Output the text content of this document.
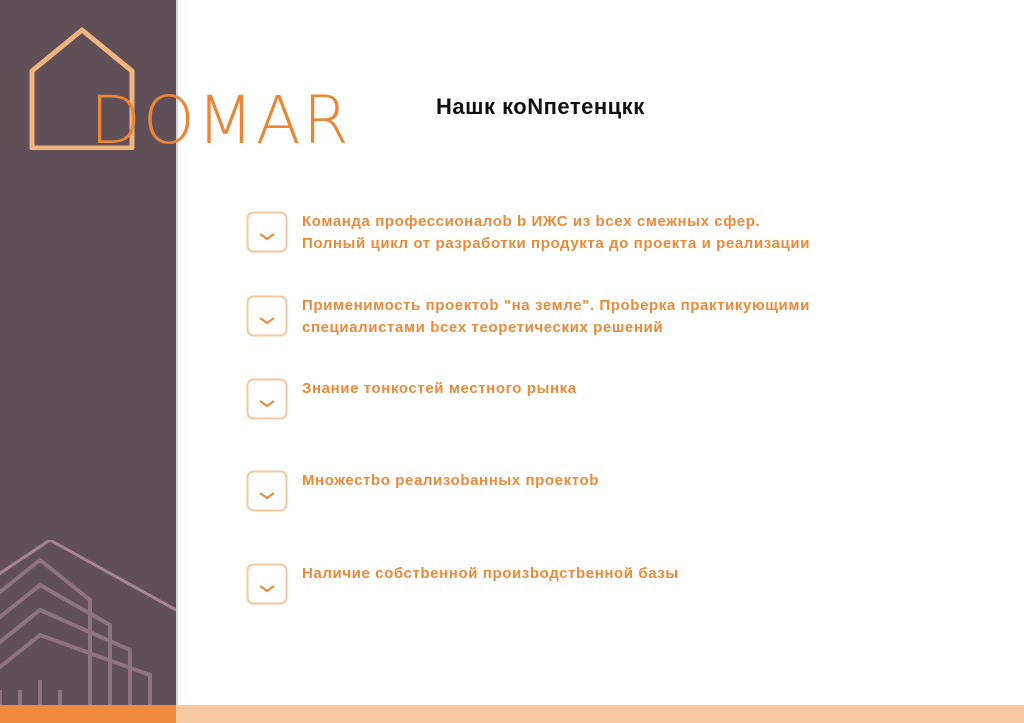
DOMAR	Нашк коNпетенцкк

Команда профессионалоb b ИЖС из bcex cмежных сфер.
Полный цикл от разработки продукта до проекта и реализации

Применимость проектоb "на земле". Проbерка практикующими
специалистами bcex теоретических решений

Знание тонкостей местного рынка

Множестbо реализоbанных проектоb

Наличие собстbенной произbодстbенной базы
